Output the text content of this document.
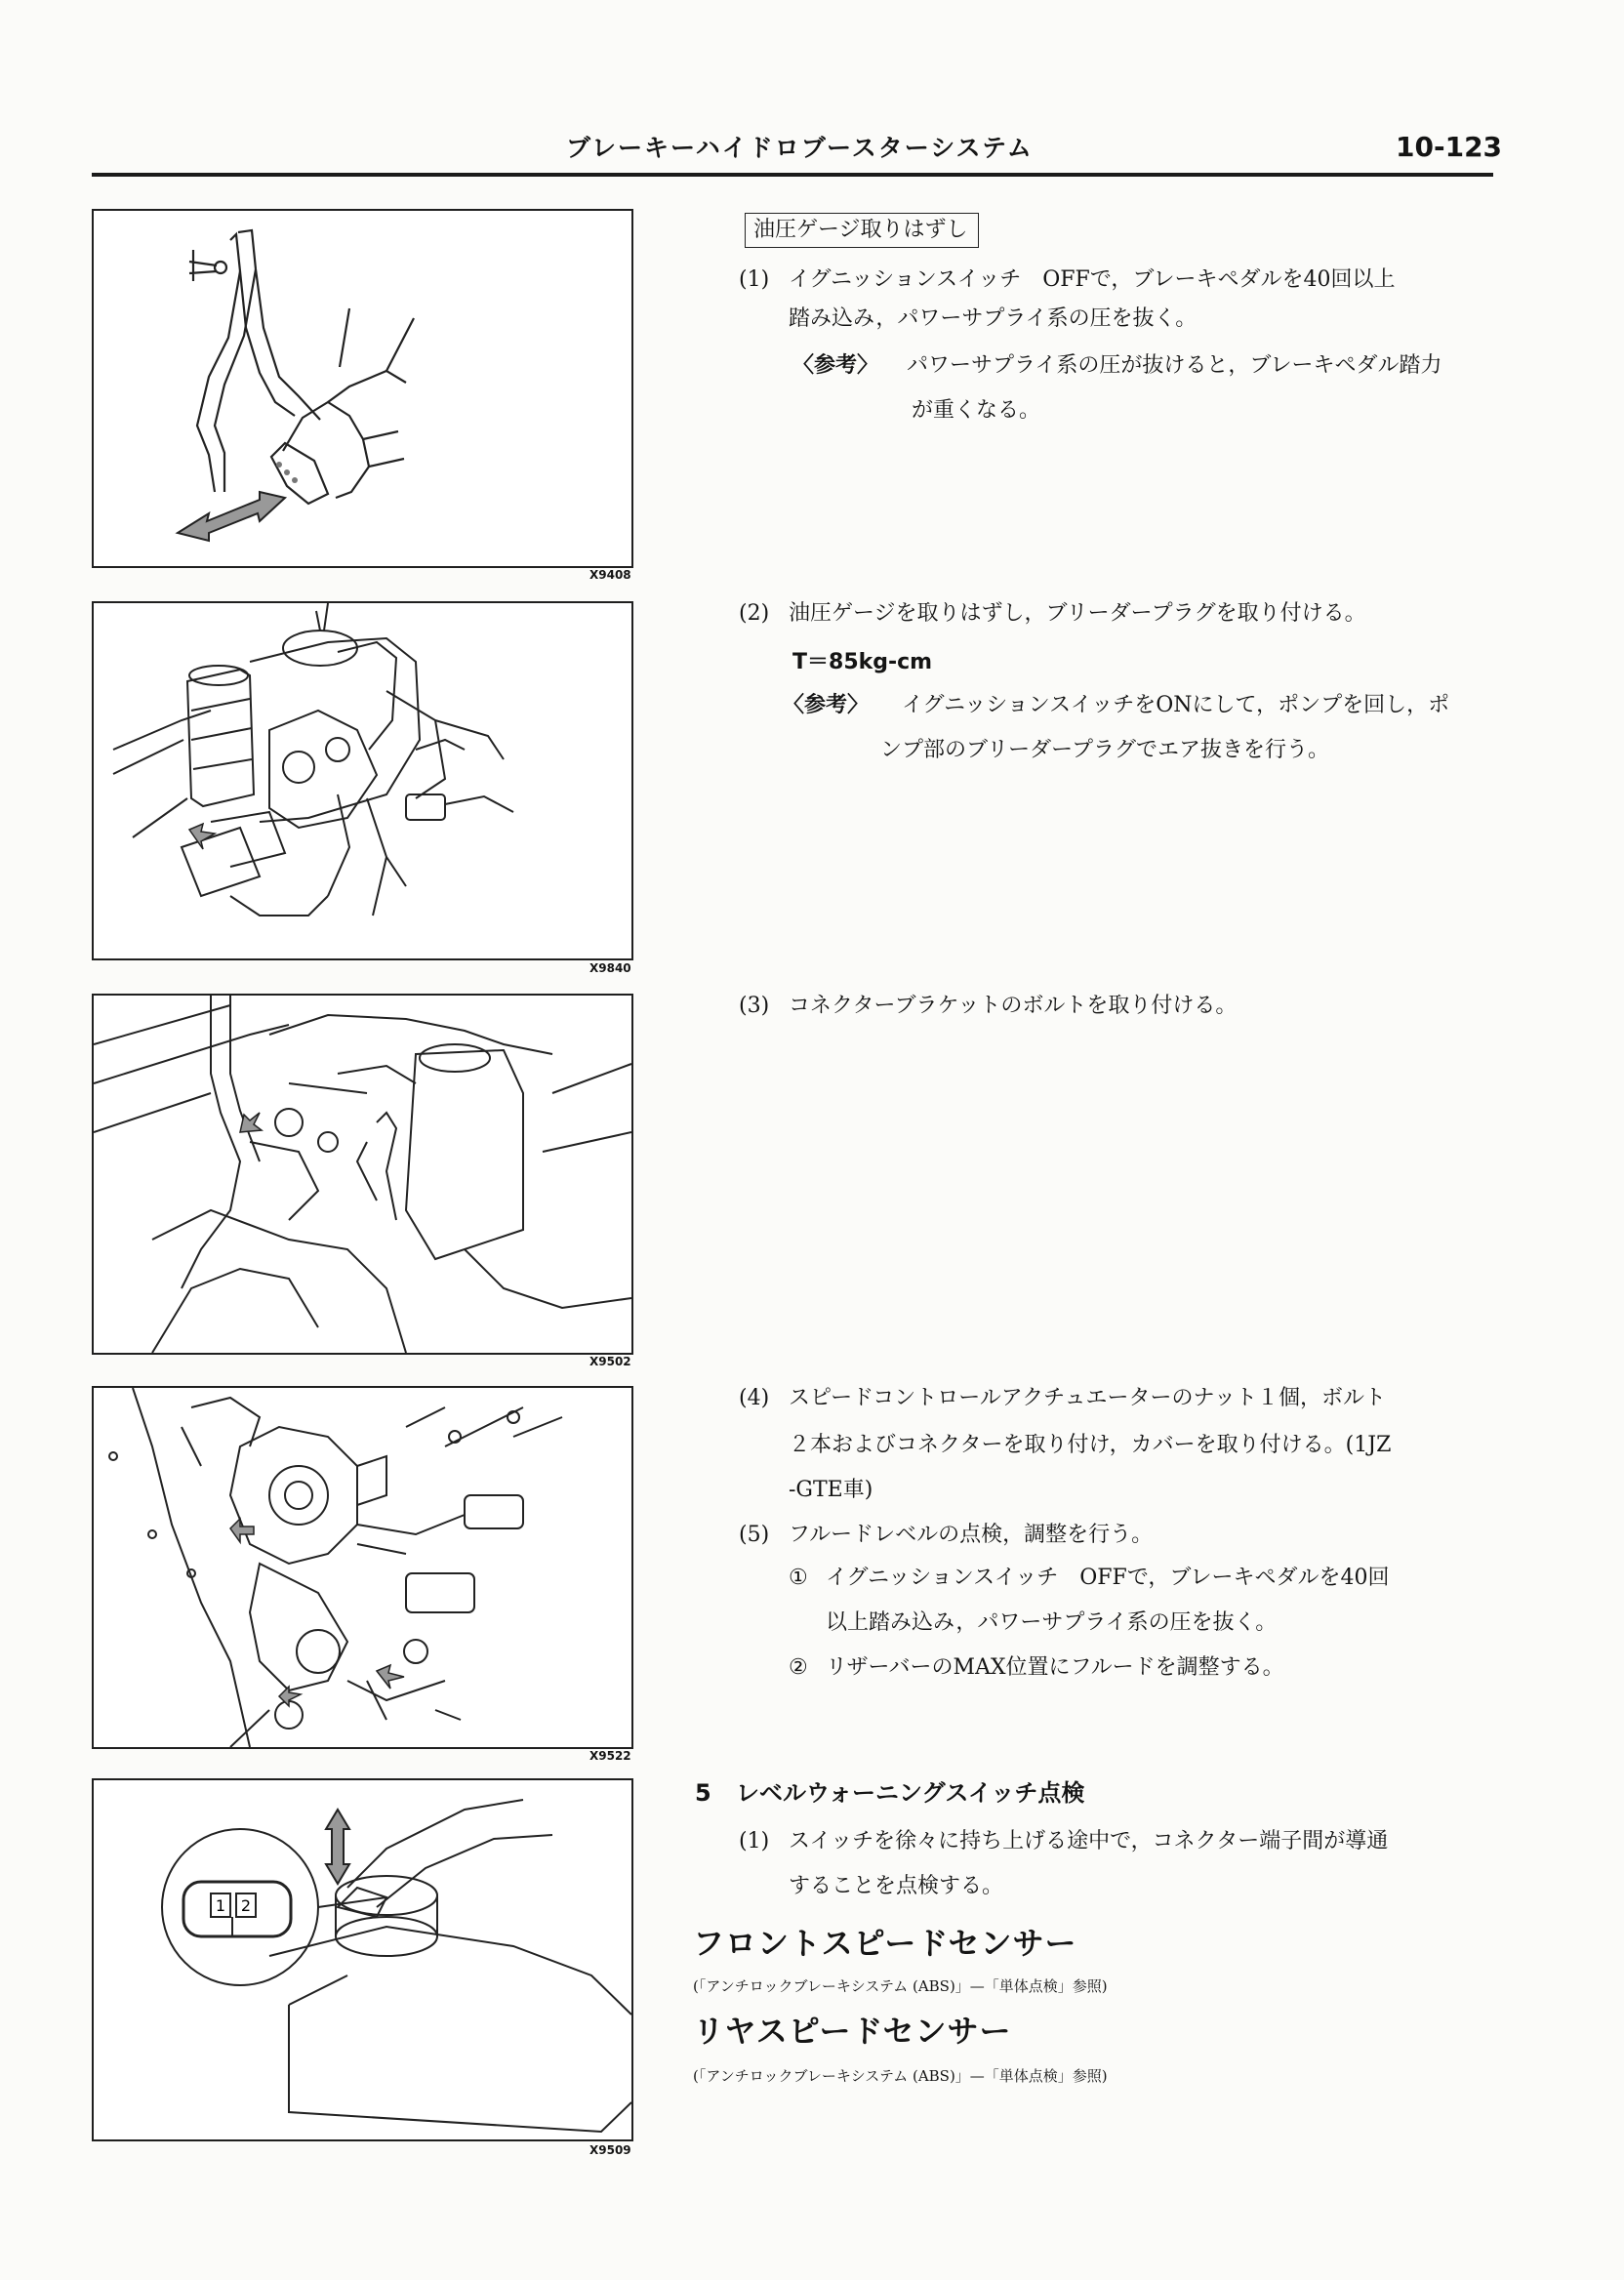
ブレーキーハイドロブースターシステム	10-123
X9408
X9840
X9502
X9522
1 2
X9509
油圧ゲージ取りはずし
(1) イグニッションスイッチ　OFFで，ブレーキペダルを40回以上
踏み込み，パワーサプライ系の圧を抜く。
〈参考〉 パワーサプライ系の圧が抜けると，ブレーキペダル踏力
が重くなる。
(2) 油圧ゲージを取りはずし，ブリーダープラグを取り付ける。
T＝85kg-cm
〈参考〉 イグニッションスイッチをONにして，ポンプを回し，ポ
ンプ部のブリーダープラグでエア抜きを行う。
(3) コネクターブラケットのボルトを取り付ける。
(4) スピードコントロールアクチュエーターのナット１個，ボルト
２本およびコネクターを取り付け，カバーを取り付ける。(1JZ
-GTE車)
(5) フルードレベルの点検，調整を行う。
① イグニッションスイッチ　OFFで，ブレーキペダルを40回
以上踏み込み，パワーサプライ系の圧を抜く。
② リザーバーのMAX位置にフルードを調整する。
5 レベルウォーニングスイッチ点検
(1) スイッチを徐々に持ち上げる途中で，コネクター端子間が導通
することを点検する。
フロントスピードセンサー
(「アンチロックブレーキシステム (ABS)」—「単体点検」参照)
リヤスピードセンサー
(「アンチロックブレーキシステム (ABS)」—「単体点検」参照)
